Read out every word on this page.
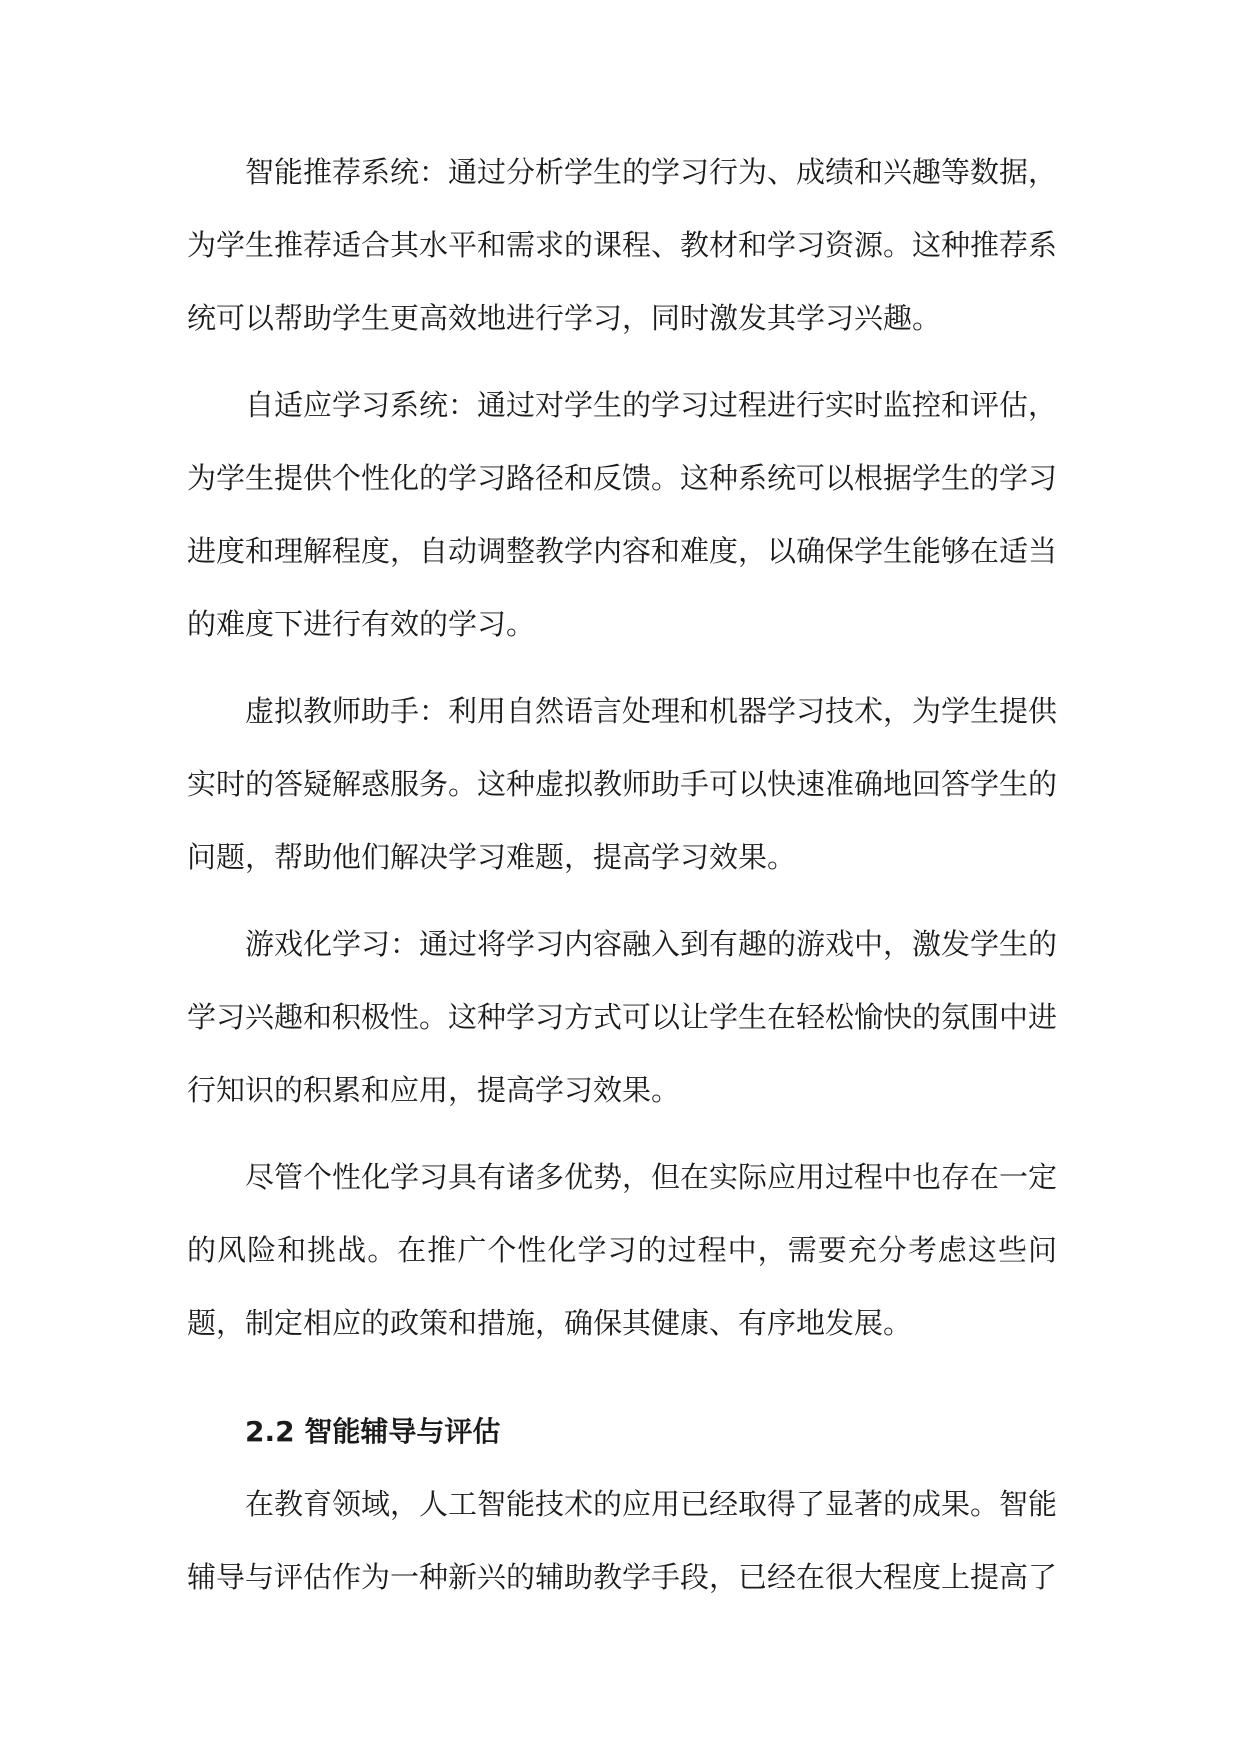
智能推荐系统：通过分析学生的学习行为、成绩和兴趣等数据，为学生推荐适合其水平和需求的课程、教材和学习资源。这种推荐系统可以帮助学生更高效地进行学习，同时激发其学习兴趣。

自适应学习系统：通过对学生的学习过程进行实时监控和评估，为学生提供个性化的学习路径和反馈。这种系统可以根据学生的学习进度和理解程度，自动调整教学内容和难度，以确保学生能够在适当的难度下进行有效的学习。

虚拟教师助手：利用自然语言处理和机器学习技术，为学生提供实时的答疑解惑服务。这种虚拟教师助手可以快速准确地回答学生的问题，帮助他们解决学习难题，提高学习效果。

游戏化学习：通过将学习内容融入到有趣的游戏中，激发学生的学习兴趣和积极性。这种学习方式可以让学生在轻松愉快的氛围中进行知识的积累和应用，提高学习效果。

尽管个性化学习具有诸多优势，但在实际应用过程中也存在一定的风险和挑战。在推广个性化学习的过程中，需要充分考虑这些问题，制定相应的政策和措施，确保其健康、有序地发展。

2.2 智能辅导与评估

在教育领域，人工智能技术的应用已经取得了显著的成果。智能辅导与评估作为一种新兴的辅助教学手段，已经在很大程度上提高了
